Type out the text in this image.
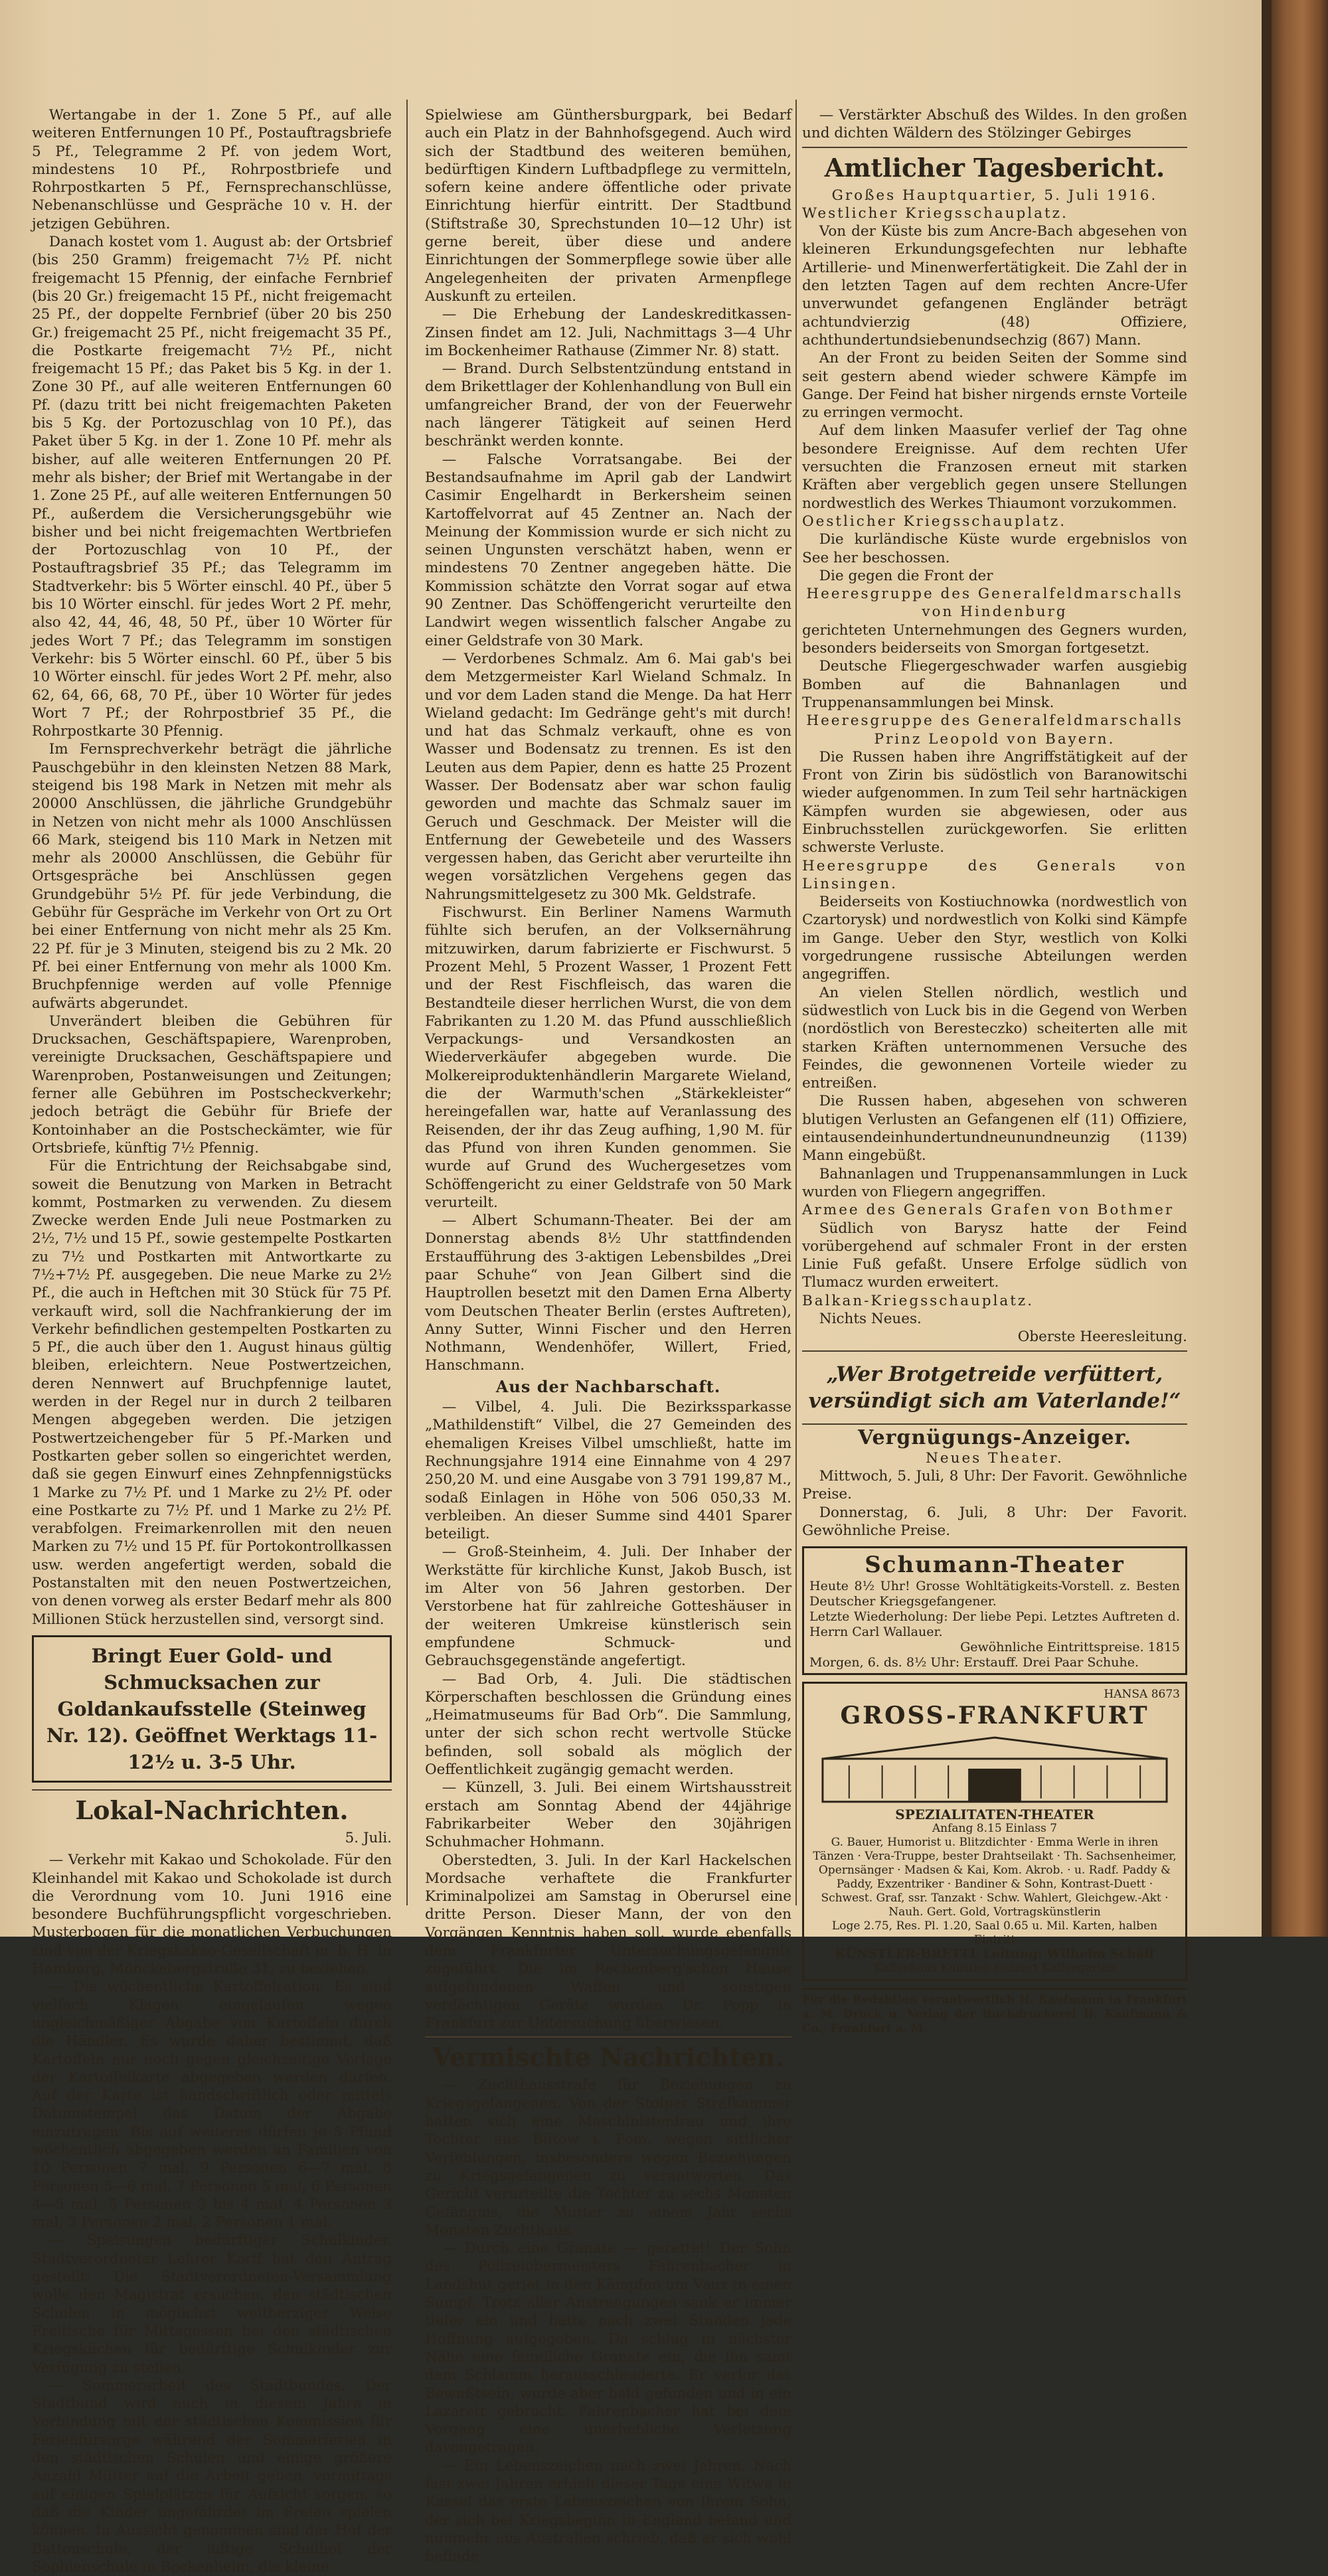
Wertangabe in der 1. Zone 5 Pf., auf alle weiteren Entfernungen 10 Pf., Postauftragsbriefe 5 Pf., Telegramme 2 Pf. von jedem Wort, mindestens 10 Pf., Rohrpostbriefe und Rohrpostkarten 5 Pf., Fernsprechanschlüsse, Nebenanschlüsse und Gespräche 10 v. H. der jetzigen Gebühren.

Danach kostet vom 1. August ab: der Ortsbrief (bis 250 Gramm) freigemacht 7½ Pf. nicht freigemacht 15 Pfennig, der einfache Fernbrief (bis 20 Gr.) freigemacht 15 Pf., nicht freigemacht 25 Pf., der doppelte Fernbrief (über 20 bis 250 Gr.) freigemacht 25 Pf., nicht freigemacht 35 Pf., die Postkarte freigemacht 7½ Pf., nicht freigemacht 15 Pf.; das Paket bis 5 Kg. in der 1. Zone 30 Pf., auf alle weiteren Entfernungen 60 Pf. (dazu tritt bei nicht freigemachten Paketen bis 5 Kg. der Portozuschlag von 10 Pf.), das Paket über 5 Kg. in der 1. Zone 10 Pf. mehr als bisher, auf alle weiteren Entfernungen 20 Pf. mehr als bisher; der Brief mit Wertangabe in der 1. Zone 25 Pf., auf alle weiteren Entfernungen 50 Pf., außerdem die Versicherungsgebühr wie bisher und bei nicht freigemachten Wertbriefen der Portozuschlag von 10 Pf., der Postauftragsbrief 35 Pf.; das Telegramm im Stadtverkehr: bis 5 Wörter einschl. 40 Pf., über 5 bis 10 Wörter einschl. für jedes Wort 2 Pf. mehr, also 42, 44, 46, 48, 50 Pf., über 10 Wörter für jedes Wort 7 Pf.; das Telegramm im sonstigen Verkehr: bis 5 Wörter einschl. 60 Pf., über 5 bis 10 Wörter einschl. für jedes Wort 2 Pf. mehr, also 62, 64, 66, 68, 70 Pf., über 10 Wörter für jedes Wort 7 Pf.; der Rohrpostbrief 35 Pf., die Rohrpostkarte 30 Pfennig.

Im Fernsprechverkehr beträgt die jährliche Pauschgebühr in den kleinsten Netzen 88 Mark, steigend bis 198 Mark in Netzen mit mehr als 20000 Anschlüssen, die jährliche Grundgebühr in Netzen von nicht mehr als 1000 Anschlüssen 66 Mark, steigend bis 110 Mark in Netzen mit mehr als 20000 Anschlüssen, die Gebühr für Ortsgespräche bei Anschlüssen gegen Grundgebühr 5½ Pf. für jede Verbindung, die Gebühr für Gespräche im Verkehr von Ort zu Ort bei einer Entfernung von nicht mehr als 25 Km. 22 Pf. für je 3 Minuten, steigend bis zu 2 Mk. 20 Pf. bei einer Entfernung von mehr als 1000 Km. Bruchpfennige werden auf volle Pfennige aufwärts abgerundet.

Unverändert bleiben die Gebühren für Drucksachen, Geschäftspapiere, Warenproben, vereinigte Drucksachen, Geschäftspapiere und Warenproben, Postanweisungen und Zeitungen; ferner alle Gebühren im Postscheckverkehr; jedoch beträgt die Gebühr für Briefe der Kontoinhaber an die Postscheckämter, wie für Ortsbriefe, künftig 7½ Pfennig.

Für die Entrichtung der Reichsabgabe sind, soweit die Benutzung von Marken in Betracht kommt, Postmarken zu verwenden. Zu diesem Zwecke werden Ende Juli neue Postmarken zu 2½, 7½ und 15 Pf., sowie gestempelte Postkarten zu 7½ und Postkarten mit Antwortkarte zu 7½+7½ Pf. ausgegeben. Die neue Marke zu 2½ Pf., die auch in Heftchen mit 30 Stück für 75 Pf. verkauft wird, soll die Nachfrankierung der im Verkehr befindlichen gestempelten Postkarten zu 5 Pf., die auch über den 1. August hinaus gültig bleiben, erleichtern. Neue Postwertzeichen, deren Nennwert auf Bruchpfennige lautet, werden in der Regel nur in durch 2 teilbaren Mengen abgegeben werden. Die jetzigen Postwertzeichengeber für 5 Pf.-Marken und Postkarten geber sollen so eingerichtet werden, daß sie gegen Einwurf eines Zehnpfennigstücks 1 Marke zu 7½ Pf. und 1 Marke zu 2½ Pf. oder eine Postkarte zu 7½ Pf. und 1 Marke zu 2½ Pf. verabfolgen. Freimarkenrollen mit den neuen Marken zu 7½ und 15 Pf. für Portokontrollkassen usw. werden angefertigt werden, sobald die Postanstalten mit den neuen Postwertzeichen, von denen vorweg als erster Bedarf mehr als 800 Millionen Stück herzustellen sind, versorgt sind.

Bringt Euer Gold- und Schmucksachen zur Goldankaufsstelle (Steinweg Nr. 12). Geöffnet Werktags 11-12½ u. 3-5 Uhr.
Lokal-Nachrichten.
5. Juli.

— Verkehr mit Kakao und Schokolade. Für den Kleinhandel mit Kakao und Schokolade ist durch die Verordnung vom 10. Juni 1916 eine besondere Buchführungspflicht vorgeschrieben. Musterbogen für die monatlichen Verbuchungen sind von der Kriegskakao-Gesellschaft m. b. H. in Hamburg, Mönckebergstraße 31, zu beziehen.

— Die wöchentliche Kartoffelration. Es sind vielfach Klagen eingelaufen wegen ungleichmäßiger Abgabe von Kartoffeln durch die Händler. Es wurde daher bestimmt, daß Kartoffeln nur noch gegen gleichzeitige Vorlage der Kartoffelkarte abgegeben werden dürfen. Auf der Karte ist handschriftlich oder mittels Datumstempel das Datum der Abgabe einzutragen. Bis auf weiteres dürfen je 5 Pfund wöchentlich abgegeben werden an Familien von 10 Personen 7 mal, 9 Personen 6—7 mal, 8 Personen 5—6 mal, 7 Personen 5 mal, 6 Personen 4—5 mal, 5 Personen 3 bis 4 mal, 4 Personen 3 mal, 3 Personen 2 mal, 2 Personen 1 mal.

— Speisungen bedürftiger Schulkinder. Stadtverordneter Lehrer Korff hat den Antrag gestellt: Die Stadtverordneten-Versammlung wolle den Magistrat ersuchen, den städtischen Schulen in möglichst weitherziger Weise Freitische für Mittagessen bei den städtischen Kriegsküchen für bedürftige Schulkinder zur Verfügung zu stellen.

— Sommerarbeit des Stadtbundes. Der Stadtbund wird auch in diesem Jahre in Verbindung mit der städtischen Kommission für Ferienfürsorge während der Sommerferien in den städtischen Schulen und einige größere Anzahl Mütter auf die Arbeit geben, vormittags auf einigen Spielplätzen für Aufsicht sorgen, so daß die Kinder ungefährdet im Freien spielen können. In Aussicht genommen sind der Hof der Battonschule, der luftige Schulhof der Sophienschule in Bockenheim, die kleine

Spielwiese am Günthersburgpark, bei Bedarf auch ein Platz in der Bahnhofsgegend. Auch wird sich der Stadtbund des weiteren bemühen, bedürftigen Kindern Luftbadpflege zu vermitteln, sofern keine andere öffentliche oder private Einrichtung hierfür eintritt. Der Stadtbund (Stiftstraße 30, Sprechstunden 10—12 Uhr) ist gerne bereit, über diese und andere Einrichtungen der Sommerpflege sowie über alle Angelegenheiten der privaten Armenpflege Auskunft zu erteilen.

— Die Erhebung der Landeskreditkassen-Zinsen findet am 12. Juli, Nachmittags 3—4 Uhr im Bockenheimer Rathause (Zimmer Nr. 8) statt.

— Brand. Durch Selbstentzündung entstand in dem Brikettlager der Kohlenhandlung von Bull ein umfangreicher Brand, der von der Feuerwehr nach längerer Tätigkeit auf seinen Herd beschränkt werden konnte.

— Falsche Vorratsangabe. Bei der Bestandsaufnahme im April gab der Landwirt Casimir Engelhardt in Berkersheim seinen Kartoffelvorrat auf 45 Zentner an. Nach der Meinung der Kommission wurde er sich nicht zu seinen Ungunsten verschätzt haben, wenn er mindestens 70 Zentner angegeben hätte. Die Kommission schätzte den Vorrat sogar auf etwa 90 Zentner. Das Schöffengericht verurteilte den Landwirt wegen wissentlich falscher Angabe zu einer Geldstrafe von 30 Mark.

— Verdorbenes Schmalz. Am 6. Mai gab's bei dem Metzgermeister Karl Wieland Schmalz. In und vor dem Laden stand die Menge. Da hat Herr Wieland gedacht: Im Gedränge geht's mit durch! und hat das Schmalz verkauft, ohne es von Wasser und Bodensatz zu trennen. Es ist den Leuten aus dem Papier, denn es hatte 25 Prozent Wasser. Der Bodensatz aber war schon faulig geworden und machte das Schmalz sauer im Geruch und Geschmack. Der Meister will die Entfernung der Gewebeteile und des Wassers vergessen haben, das Gericht aber verurteilte ihn wegen vorsätzlichen Vergehens gegen das Nahrungsmittelgesetz zu 300 Mk. Geldstrafe.

Fischwurst. Ein Berliner Namens Warmuth fühlte sich berufen, an der Volksernährung mitzuwirken, darum fabrizierte er Fischwurst. 5 Prozent Mehl, 5 Prozent Wasser, 1 Prozent Fett und der Rest Fischfleisch, das waren die Bestandteile dieser herrlichen Wurst, die von dem Fabrikanten zu 1.20 M. das Pfund ausschließlich Verpackungs- und Versandkosten an Wiederverkäufer abgegeben wurde. Die Molkereiproduktenhändlerin Margarete Wieland, die der Warmuth'schen „Stärkekleister“ hereingefallen war, hatte auf Veranlassung des Reisenden, der ihr das Zeug aufhing, 1,90 M. für das Pfund von ihren Kunden genommen. Sie wurde auf Grund des Wuchergesetzes vom Schöffengericht zu einer Geldstrafe von 50 Mark verurteilt.

— Albert Schumann-Theater. Bei der am Donnerstag abends 8½ Uhr stattfindenden Erstaufführung des 3-aktigen Lebensbildes „Drei paar Schuhe“ von Jean Gilbert sind die Hauptrollen besetzt mit den Damen Erna Alberty vom Deutschen Theater Berlin (erstes Auftreten), Anny Sutter, Winni Fischer und den Herren Nothmann, Wendenhöfer, Willert, Fried, Hanschmann.

Aus der Nachbarschaft.

— Vilbel, 4. Juli. Die Bezirkssparkasse „Mathildenstift“ Vilbel, die 27 Gemeinden des ehemaligen Kreises Vilbel umschließt, hatte im Rechnungsjahre 1914 eine Einnahme von 4 297 250,20 M. und eine Ausgabe von 3 791 199,87 M., sodaß Einlagen in Höhe von 506 050,33 M. verbleiben. An dieser Summe sind 4401 Sparer beteiligt.

— Groß-Steinheim, 4. Juli. Der Inhaber der Werkstätte für kirchliche Kunst, Jakob Busch, ist im Alter von 56 Jahren gestorben. Der Verstorbene hat für zahlreiche Gotteshäuser in der weiteren Umkreise künstlerisch sein empfundene Schmuck- und Gebrauchsgegenstände angefertigt.

— Bad Orb, 4. Juli. Die städtischen Körperschaften beschlossen die Gründung eines „Heimatmuseums für Bad Orb“. Die Sammlung, unter der sich schon recht wertvolle Stücke befinden, soll sobald als möglich der Oeffentlichkeit zugängig gemacht werden.

— Künzell, 3. Juli. Bei einem Wirtshausstreit erstach am Sonntag Abend der 44jährige Fabrikarbeiter Weber den 30jährigen Schuhmacher Hohmann.

Oberstedten, 3. Juli. In der Karl Hackelschen Mordsache verhaftete die Frankfurter Kriminalpolizei am Samstag in Oberursel eine dritte Person. Dieser Mann, der von den Vorgängen Kenntnis haben soll, wurde ebenfalls dem Frankfurter Untersuchungsgefängnis zugeführt. Die im Rechenberg'schen Hause aufgefundenen Waffen und sonstigen verdächtigen Geräte wurden Dr. Popp in Frankfurt zur Untersuchung überwiesen.

Vermischte Nachrichten.

— Zuchthausstrafe für Beziehungen zu Kriegsgefangenen. Von der Stolper Strafkammer hatten sich eine Maschinistenfrau und ihre Tochter aus Bütow i. Pom. wegen sittlicher Verfehlungen, insbesondere wegen Beziehungen zu Kriegsgefangenen zu verantworten. Das Gericht verurteilte die Tochter zu sechs Monaten Gefängnis, die Mutter zu einem Jahr sechs Monaten Zuchthaus.

— Durch eine Granate — gerettet! Der Sohn des Polizeiobermeisters Fahrenbacher in Landshut geriet in den Kämpfen um Vaux in einen Sumpf. Trotz aller Anstrengungen sank er immer tiefer ein und hatte nach zwei Stunden jede Hoffnung aufgegeben. Da schlug in nächster Nähe eine feindliche Granate ein, die ihn samt dem Schlamm herausschleuderte. Er verlor das Bewußtsein, wurde aber bald gefunden und in ein Lazarett gebracht. Fahrenbacher hat bei dem Vorgang eine unerhebliche Verletzung davongetragen.

— Ein Lebenszeichen nach zwei Jahren. Nach fast zwei Jahren erhielt dieser Tage eine Witwe in Kassel das erste Lebenszeichen von ihrem Sohn, der sich bei Kriegsbeginn in England befand und nunmehr aus Australien schrieb, daß er sich wohl befinde.

— Verstärkter Abschuß des Wildes. In den großen und dichten Wäldern des Stölzinger Gebirges

Amtlicher Tagesbericht.
Großes Hauptquartier, 5. Juli 1916.
Westlicher Kriegsschauplatz.

Von der Küste bis zum Ancre-Bach abgesehen von kleineren Erkundungsgefechten nur lebhafte Artillerie- und Minenwerfertätigkeit. Die Zahl der in den letzten Tagen auf dem rechten Ancre-Ufer unverwundet gefangenen Engländer beträgt achtundvierzig (48) Offiziere, achthundertundsiebenundsechzig (867) Mann.

An der Front zu beiden Seiten der Somme sind seit gestern abend wieder schwere Kämpfe im Gange. Der Feind hat bisher nirgends ernste Vorteile zu erringen vermocht.

Auf dem linken Maasufer verlief der Tag ohne besondere Ereignisse. Auf dem rechten Ufer versuchten die Franzosen erneut mit starken Kräften aber vergeblich gegen unsere Stellungen nordwestlich des Werkes Thiaumont vorzukommen.

Oestlicher Kriegsschauplatz.

Die kurländische Küste wurde ergebnislos von See her beschossen.

Die gegen die Front der

Heeresgruppe des Generalfeldmarschalls
von Hindenburg

gerichteten Unternehmungen des Gegners wurden, besonders beiderseits von Smorgan fortgesetzt.

Deutsche Fliegergeschwader warfen ausgiebig Bomben auf die Bahnanlagen und Truppenansammlungen bei Minsk.

Heeresgruppe des Generalfeldmarschalls
Prinz Leopold von Bayern.

Die Russen haben ihre Angriffstätigkeit auf der Front von Zirin bis südöstlich von Baranowitschi wieder aufgenommen. In zum Teil sehr hartnäckigen Kämpfen wurden sie abgewiesen, oder aus Einbruchsstellen zurückgeworfen. Sie erlitten schwerste Verluste.

Heeresgruppe des Generals von Linsingen.

Beiderseits von Kostiuchnowka (nordwestlich von Czartorysk) und nordwestlich von Kolki sind Kämpfe im Gange. Ueber den Styr, westlich von Kolki vorgedrungene russische Abteilungen werden angegriffen.

An vielen Stellen nördlich, westlich und südwestlich von Luck bis in die Gegend von Werben (nordöstlich von Beresteczko) scheiterten alle mit starken Kräften unternommenen Versuche des Feindes, die gewonnenen Vorteile wieder zu entreißen.

Die Russen haben, abgesehen von schweren blutigen Verlusten an Gefangenen elf (11) Offiziere, eintausendeinhundertundneunundneunzig (1139) Mann eingebüßt.

Bahnanlagen und Truppenansammlungen in Luck wurden von Fliegern angegriffen.

Armee des Generals Grafen von Bothmer

Südlich von Barysz hatte der Feind vorübergehend auf schmaler Front in der ersten Linie Fuß gefaßt. Unsere Erfolge südlich von Tlumacz wurden erweitert.

Balkan-Kriegsschauplatz.

Nichts Neues.

Oberste Heeresleitung.
„Wer Brotgetreide verfüttert, versündigt sich am Vaterlande!“
Vergnügungs-Anzeiger.
Neues Theater.

Mittwoch, 5. Juli, 8 Uhr: Der Favorit. Gewöhnliche Preise.

Donnerstag, 6. Juli, 8 Uhr: Der Favorit. Gewöhnliche Preise.

Schumann-Theater
Heute 8½ Uhr! Grosse Wohltätigkeits-Vorstell. z. Besten Deutscher Kriegsgefangener.
Letzte Wiederholung: Der liebe Pepi. Letztes Auftreten d. Herrn Carl Wallauer.
Gewöhnliche Eintrittspreise. 1815
Morgen, 6. ds. 8½ Uhr: Erstauff. Drei Paar Schuhe.
HANSA 8673
GROSS-FRANKFURT
SPEZIALITATEN-THEATER
Anfang 8.15 Einlass 7
G. Bauer, Humorist u. Blitzdichter · Emma Werle in ihren Tänzen · Vera-Truppe, bester Drahtseilakt · Th. Sachsenheimer, Opernsänger · Madsen & Kai, Kom. Akrob. · u. Radf. Paddy & Paddy, Exzentriker · Bandiner & Sohn, Kontrast-Duett · Schwest. Graf, ssr. Tanzakt · Schw. Wahlert, Gleichgew.-Akt · Nauh. Gert. Gold, Vortragskünstlerin
Loge 2.75, Res. Pl. 1.20, Saal 0.65 u. Mil. Karten, halben Eintritt
KÜNSTLER-BRETTL Leitung: Wilhelm Schäff
Kaffeehaus Künstler-Konzert Kaffeegarten
Für die Redaktion verantwortlich H. Kaufmann in Frankfurt a. M. Druck u. Verlag der Buchdruckerei H. Kaufmann & Co., Frankfurt a. M.
